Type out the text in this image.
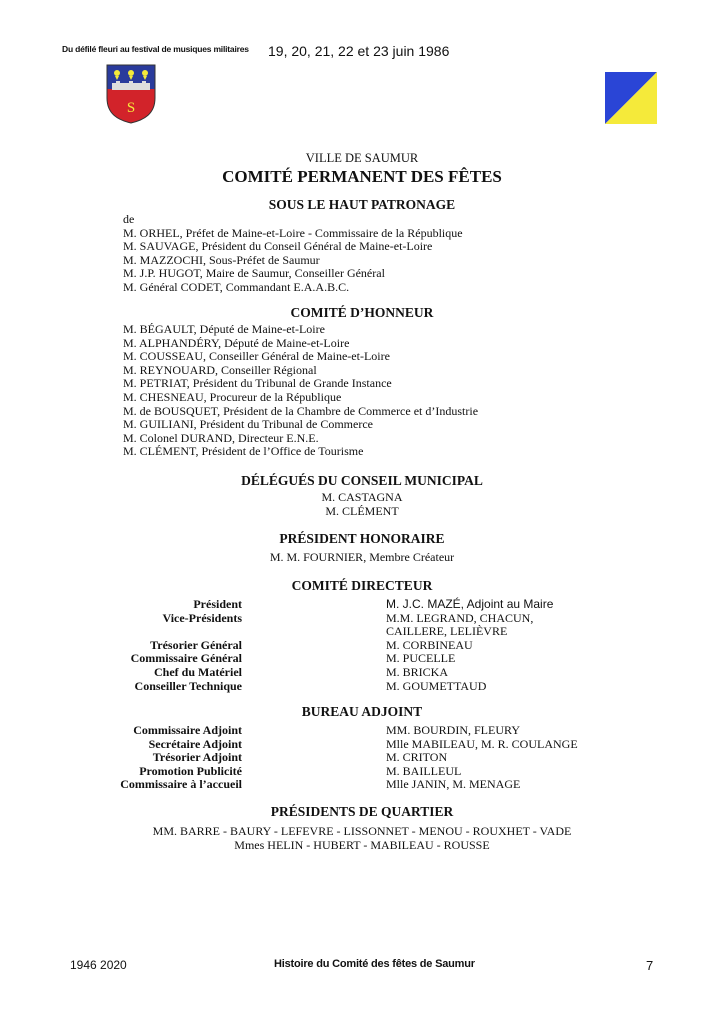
Du défilé fleuri au festival de musiques militaires 19, 20, 21, 22 et 23 juin 1986
S
VILLE DE SAUMUR
COMITÉ PERMANENT DES FÊTES
SOUS LE HAUT PATRONAGE
de
M. ORHEL, Préfet de Maine-et-Loire - Commissaire de la République
M. SAUVAGE, Président du Conseil Général de Maine-et-Loire
M. MAZZOCHI, Sous-Préfet de Saumur
M. J.P. HUGOT, Maire de Saumur, Conseiller Général
M. Général CODET, Commandant E.A.A.B.C.
COMITÉ D’HONNEUR
M. BÉGAULT, Député de Maine-et-Loire
M. ALPHANDÉRY, Député de Maine-et-Loire
M. COUSSEAU, Conseiller Général de Maine-et-Loire
M. REYNOUARD, Conseiller Régional
M. PETRIAT, Président du Tribunal de Grande Instance
M. CHESNEAU, Procureur de la République
M. de BOUSQUET, Président de la Chambre de Commerce et d’Industrie
M. GUILIANI, Président du Tribunal de Commerce
M. Colonel DURAND, Directeur E.N.E.
M. CLÉMENT, Président de l’Office de Tourisme
DÉLÉGUÉS DU CONSEIL MUNICIPAL
M. CASTAGNA
M. CLÉMENT
PRÉSIDENT HONORAIRE
M. M. FOURNIER, Membre Créateur
COMITÉ DIRECTEUR
Président	M. J.C. MAZÉ, Adjoint au Maire
Vice-Présidents	M.M. LEGRAND, CHACUN,
CAILLERE, LELIÈVRE
Trésorier Général	M. CORBINEAU
Commissaire Général	M. PUCELLE
Chef du Matériel	M. BRICKA
Conseiller Technique	M. GOUMETTAUD
BUREAU ADJOINT
Commissaire Adjoint	MM. BOURDIN, FLEURY
Secrétaire Adjoint	Mlle MABILEAU, M. R. COULANGE
Trésorier Adjoint	M. CRITON
Promotion Publicité	M. BAILLEUL
Commissaire à l’accueil	Mlle JANIN, M. MENAGE
PRÉSIDENTS DE QUARTIER
MM. BARRE - BAURY - LEFEVRE - LISSONNET - MENOU - ROUXHET - VADE
Mmes HELIN - HUBERT - MABILEAU - ROUSSE
1946 2020	Histoire du Comité des fêtes de Saumur	7
